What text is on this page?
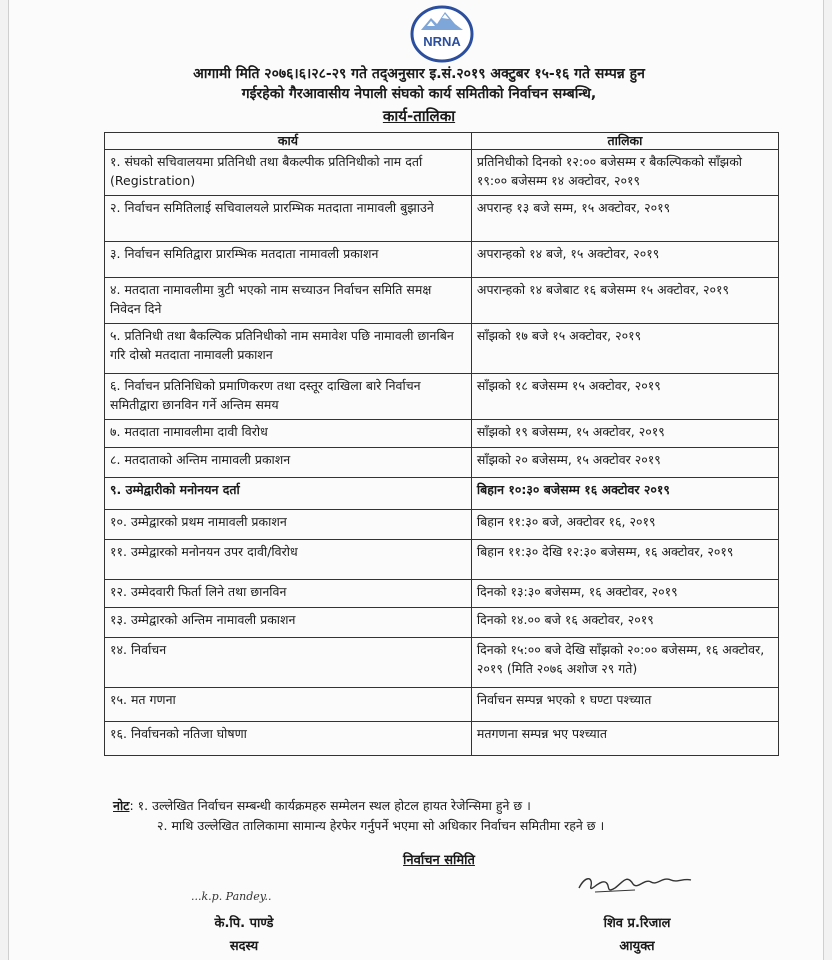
NRNA
आगामी मिति २०७६।६।२८-२९ गते तद्अनुसार इ.सं.२०१९ अक्टुबर १५-१६ गते सम्पन्न हुन
गईरहेको गैरआवासीय नेपाली संघको कार्य समितीको निर्वाचन सम्बन्धि,
कार्य-तालिका
कार्य	तालिका
१. संघको सचिवालयमा प्रतिनिधी तथा बैकल्पीक प्रतिनिधीको नाम दर्ता (Registration)	प्रतिनिधीको दिनको १२:०० बजेसम्म र बैकल्पिकको साँझको १९:०० बजेसम्म १४ अक्टोवर, २०१९
२. निर्वाचन समितिलाई सचिवालयले प्रारम्भिक मतदाता नामावली बुझाउने	अपरान्ह १३ बजे सम्म, १५ अक्टोवर, २०१९
३. निर्वाचन समितिद्वारा प्रारम्भिक मतदाता नामावली प्रकाशन	अपरान्हको १४ बजे, १५ अक्टोवर, २०१९
४. मतदाता नामावलीमा त्रुटी भएको नाम सच्याउन निर्वाचन समिति समक्ष निवेदन दिने	अपरान्हको १४ बजेबाट १६ बजेसम्म १५ अक्टोवर, २०१९
५. प्रतिनिधी तथा बैकल्पिक प्रतिनिधीको नाम समावेश पछि नामावली छानबिन गरि दोस्रो मतदाता नामावली प्रकाशन	साँझको १७ बजे १५ अक्टोवर, २०१९
६. निर्वाचन प्रतिनिधिको प्रमाणिकरण तथा दस्तूर दाखिला बारे निर्वाचन समितीद्वारा छानविन गर्ने अन्तिम समय	साँझको १८ बजेसम्म १५ अक्टोवर, २०१९
७. मतदाता नामावलीमा दावी विरोध	साँझको १९ बजेसम्म, १५ अक्टोवर, २०१९
८. मतदाताको अन्तिम नामावली प्रकाशन	साँझको २० बजेसम्म, १५ अक्टोवर २०१९
९. उम्मेद्वारीको मनोनयन दर्ता	बिहान १०:३० बजेसम्म १६ अक्टोवर २०१९
१०. उम्मेद्वारको प्रथम नामावली प्रकाशन	बिहान ११:३० बजे, अक्टोवर १६, २०१९
११. उम्मेद्वारको मनोनयन उपर दावी/विरोध	बिहान ११:३० देखि १२:३० बजेसम्म, १६ अक्टोवर, २०१९
१२. उम्मेदवारी फिर्ता लिने तथा छानविन	दिनको १३:३० बजेसम्म, १६ अक्टोवर, २०१९
१३. उम्मेद्वारको अन्तिम नामावली प्रकाशन	दिनको १४.०० बजे १६ अक्टोवर, २०१९
१४. निर्वाचन	दिनको १५:०० बजे देखि साँझको २०:०० बजेसम्म, १६ अक्टोवर, २०१९ (मिति २०७६ अशोज २९ गते)
१५. मत गणना	निर्वाचन सम्पन्न भएको १ घण्टा पश्च्यात
१६. निर्वाचनको नतिजा घोषणा	मतगणना सम्पन्न भए पश्च्यात
नोट: १. उल्लेखित निर्वाचन सम्बन्धी कार्यक्रमहरु सम्मेलन स्थल होटल हायत रेजेन्सिमा हुने छ ।
२. माथि उल्लेखित तालिकामा सामान्य हेरफेर गर्नुपर्ने भएमा सो अधिकार निर्वाचन समितीमा रहने छ ।
निर्वाचन समिति
...k.p. Pandey..
के.पि. पाण्डे
सदस्य
शिव प्र.रिजाल
आयुक्त
